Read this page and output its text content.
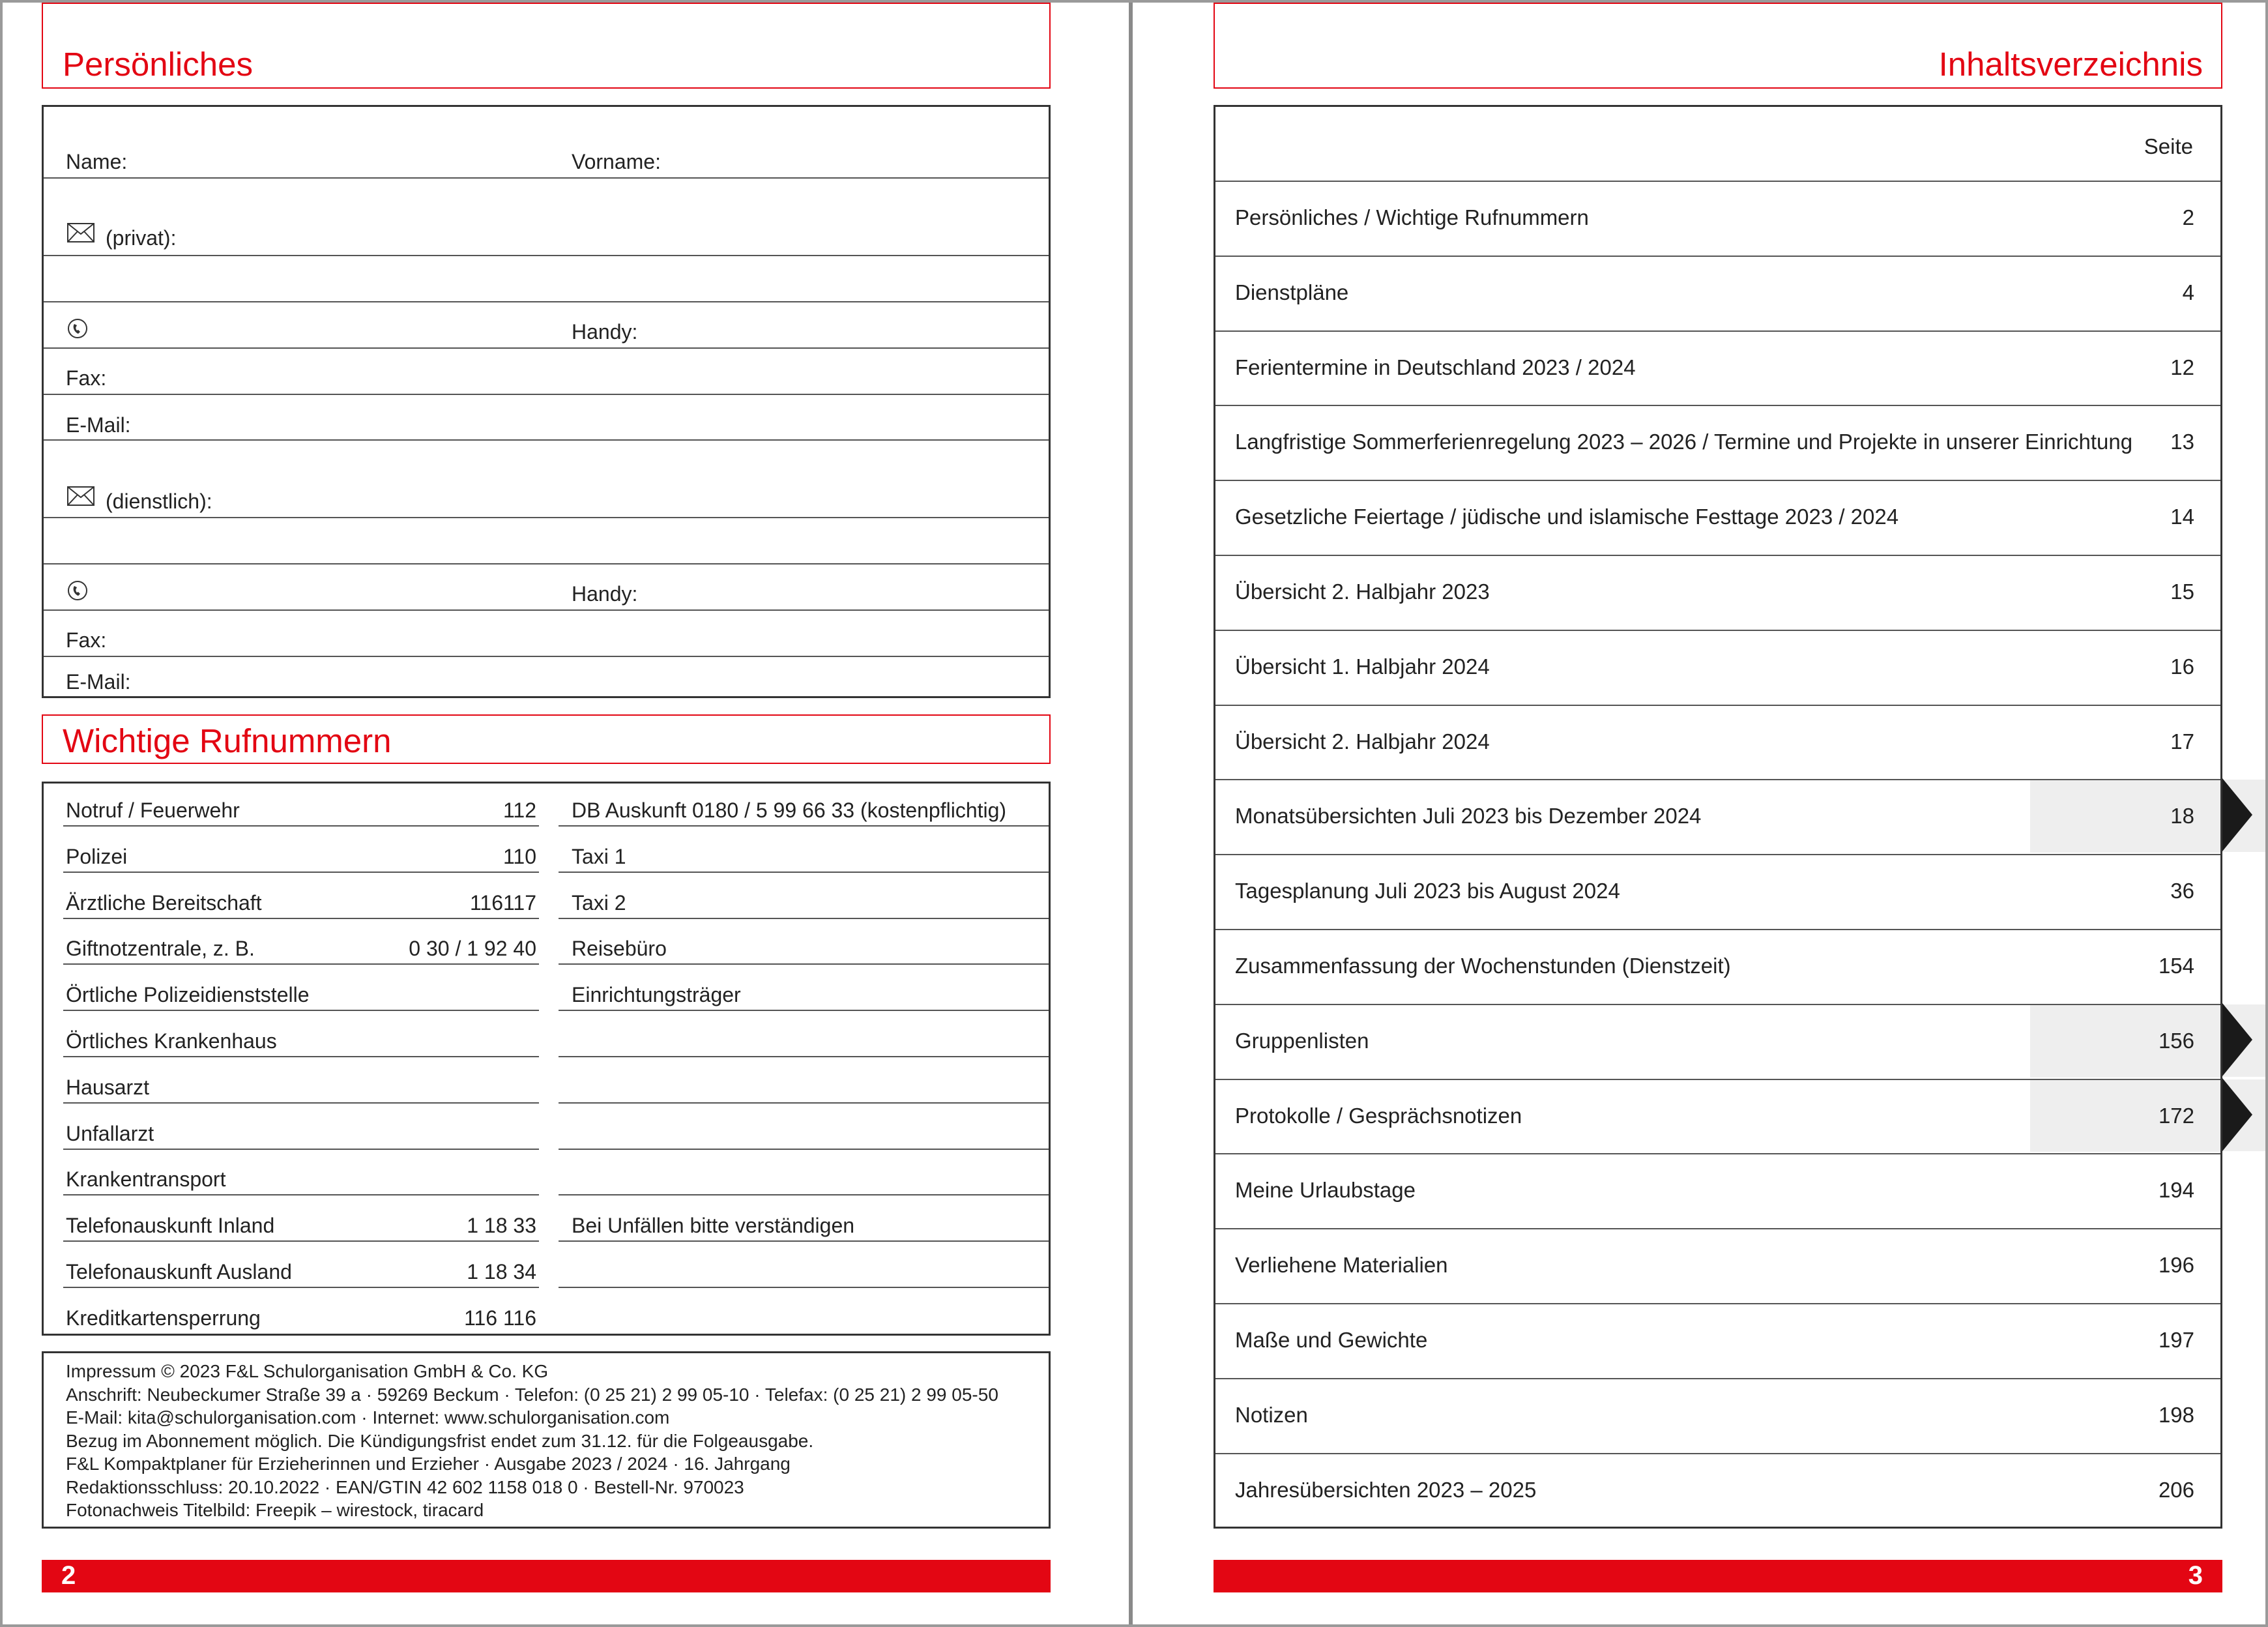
Persönliches
Name:	Vorname:
(privat):
Handy:
Fax:
E-Mail:
(dienstlich):
Handy:
Fax:
E-Mail:
Wichtige Rufnummern
Notruf / Feuerwehr	112 DB Auskunft 0180 / 5 99 66 33 (kostenpflichtig)
Polizei	110 Taxi 1
Ärztliche Bereitschaft	116117 Taxi 2
Giftnotzentrale, z. B.	0 30 / 1 92 40 Reisebüro
Örtliche Polizeidienststelle	Einrichtungsträger
Örtliches Krankenhaus
Hausarzt
Unfallarzt
Krankentransport
Telefonauskunft Inland	1 18 33 Bei Unfällen bitte verständigen
Telefonauskunft Ausland	1 18 34
Kreditkartensperrung	116 116
Impressum © 2023 F&L Schulorganisation GmbH & Co. KG
Anschrift: Neubeckumer Straße 39 a · 59269 Beckum · Telefon: (0 25 21) 2 99 05-10 · Telefax: (0 25 21) 2 99 05-50
E-Mail: kita@schulorganisation.com · Internet: www.schulorganisation.com
Bezug im Abonnement möglich. Die Kündigungsfrist endet zum 31.12. für die Folgeausgabe.
F&L Kompaktplaner für Erzieherinnen und Erzieher · Ausgabe 2023 / 2024 · 16. Jahrgang
Redaktionsschluss: 20.10.2022 · EAN/GTIN 42 602 1158 018 0 · Bestell-Nr. 970023
Fotonachweis Titelbild: Freepik – wirestock, tiracard
2
Inhaltsverzeichnis
Seite
Persönliches / Wichtige Rufnummern	2
Dienstpläne	4
Ferientermine in Deutschland 2023 / 2024	12
Langfristige Sommerferienregelung 2023 – 2026 / Termine und Projekte in unserer Einrichtung 13
Gesetzliche Feiertage / jüdische und islamische Festtage 2023 / 2024	14
Übersicht 2. Halbjahr 2023	15
Übersicht 1. Halbjahr 2024	16
Übersicht 2. Halbjahr 2024	17
Monatsübersichten Juli 2023 bis Dezember 2024	18
Tagesplanung Juli 2023 bis August 2024	36
Zusammenfassung der Wochenstunden (Dienstzeit)	154
Gruppenlisten	156
Protokolle / Gesprächsnotizen	172
Meine Urlaubstage	194
Verliehene Materialien	196
Maße und Gewichte	197
Notizen	198
Jahresübersichten 2023 – 2025	206
3
